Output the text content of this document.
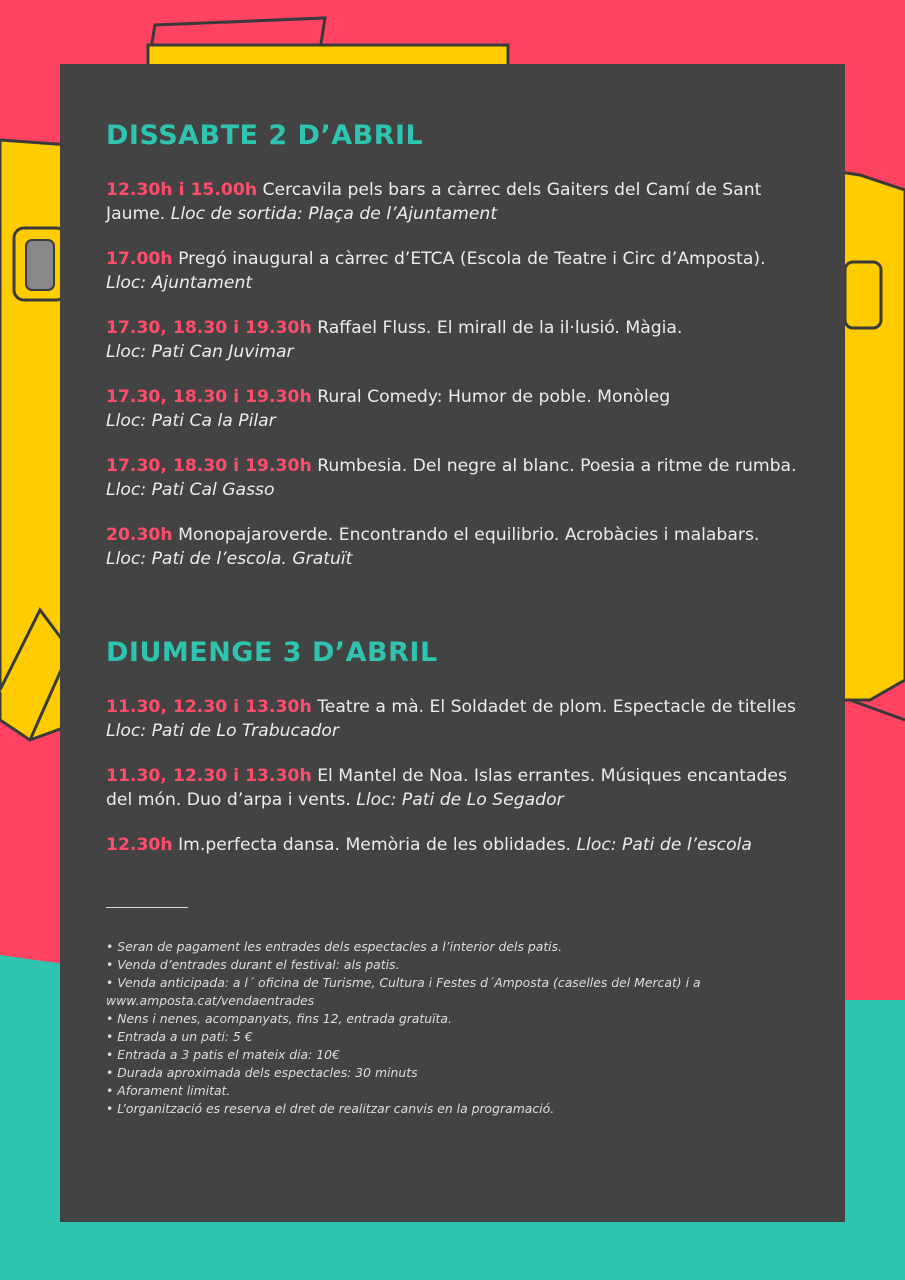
DISSABTE 2 D’ABRIL

12.30h i 15.00h Cercavila pels bars a càrrec dels Gaiters del Camí de Sant Jaume. Lloc de sortida: Plaça de l’Ajuntament

17.00h Pregó inaugural a càrrec d’ETCA (Escola de Teatre i Circ d’Amposta).
Lloc: Ajuntament

17.30, 18.30 i 19.30h Raffael Fluss. El mirall de la il·lusió. Màgia.
Lloc: Pati Can Juvimar

17.30, 18.30 i 19.30h Rural Comedy: Humor de poble. Monòleg
Lloc: Pati Ca la Pilar

17.30, 18.30 i 19.30h Rumbesia. Del negre al blanc. Poesia a ritme de rumba.
Lloc: Pati Cal Gasso

20.30h Monopajaroverde. Encontrando el equilibrio. Acrobàcies i malabars.
Lloc: Pati de l’escola. Gratuït

DIUMENGE 3 D’ABRIL

11.30, 12.30 i 13.30h Teatre a mà. El Soldadet de plom. Espectacle de titelles
Lloc: Pati de Lo Trabucador

11.30, 12.30 i 13.30h El Mantel de Noa. Islas errantes. Músiques encantades del món. Duo d’arpa i vents. Lloc: Pati de Lo Segador

12.30h Im.perfecta dansa. Memòria de les oblidades. Lloc: Pati de l’escola

• Seran de pagament les entrades dels espectacles a l’interior dels patis.
• Venda d’entrades durant el festival: als patis.
• Venda anticipada: a l´ oficina de Turisme, Cultura i Festes d´Amposta (caselles del Mercat) i a www.amposta.cat/vendaentrades
• Nens i nenes, acompanyats, fins 12, entrada gratuïta.
• Entrada a un pati: 5 €
• Entrada a 3 patis el mateix dia: 10€
• Durada aproximada dels espectacles: 30 minuts
• Aforament limitat.
• L’organització es reserva el dret de realitzar canvis en la programació.
